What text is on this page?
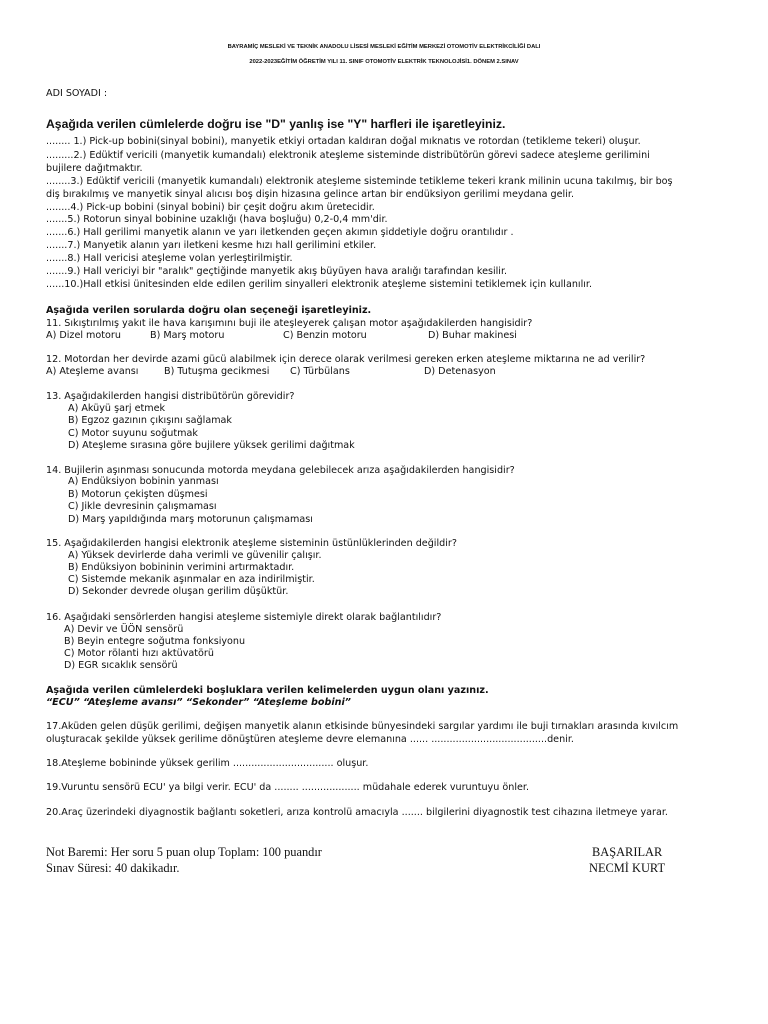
BAYRAMİÇ MESLEKİ VE TEKNİK ANADOLU LİSESİ MESLEKİ EĞİTİM MERKEZİ OTOMOTİV ELEKTRİKCİLİĞİ DALI
2022-2023EĞİTİM ÖĞRETİM YILI 11. SINIF OTOMOTİV ELEKTRİK TEKNOLOJİSİ1. DÖNEM 2.SINAV
ADI SOYADI :
Aşağıda verilen cümlelerde doğru ise "D" yanlış ise "Y" harfleri ile işaretleyiniz.
........ 1.) Pick-up bobini(sinyal bobini), manyetik etkiyi ortadan kaldıran doğal mıknatıs ve rotordan (tetikleme tekeri) oluşur.
.........2.) Edüktif vericili (manyetik kumandalı) elektronik ateşleme sisteminde distribütörün görevi sadece ateşleme gerilimini
bujilere dağıtmaktır.
........3.) Edüktif vericili (manyetik kumandalı) elektronik ateşleme sisteminde tetikleme tekeri krank milinin ucuna takılmış, bir boş
diş bırakılmış ve manyetik sinyal alıcısı boş dişin hizasına gelince artan bir endüksiyon gerilimi meydana gelir.
........4.) Pick-up bobini (sinyal bobini) bir çeşit doğru akım üretecidir.
.......5.) Rotorun sinyal bobinine uzaklığı (hava boşluğu) 0,2-0,4 mm'dir.
.......6.) Hall gerilimi manyetik alanın ve yarı iletkenden geçen akımın şiddetiyle doğru orantılıdır .
.......7.) Manyetik alanın yarı iletkeni kesme hızı hall gerilimini etkiler.
.......8.) Hall vericisi ateşleme volan yerleştirilmiştir.
.......9.) Hall vericiyi bir "aralık" geçtiğinde manyetik akış büyüyen hava aralığı tarafından kesilir.
......10.)Hall etkisi ünitesinden elde edilen gerilim sinyalleri elektronik ateşleme sistemini tetiklemek için kullanılır.
Aşağıda verilen sorularda doğru olan seçeneği işaretleyiniz.
11. Sıkıştırılmış yakıt ile hava karışımını buji ile ateşleyerek çalışan motor aşağıdakilerden hangisidir?
A) Dizel motoru	B) Marş motoru	C) Benzin motoru	D) Buhar makinesi
12. Motordan her devirde azami gücü alabilmek için derece olarak verilmesi gereken erken ateşleme miktarına ne ad verilir?
A) Ateşleme avansı	B) Tutuşma gecikmesi C) Türbülans	D) Detenasyon
13. Aşağıdakilerden hangisi distribütörün görevidir?
A) Aküyü şarj etmek
B) Egzoz gazının çıkışını sağlamak
C) Motor suyunu soğutmak
D) Ateşleme sırasına göre bujilere yüksek gerilimi dağıtmak
14. Bujilerin aşınması sonucunda motorda meydana gelebilecek arıza aşağıdakilerden hangisidir?
A) Endüksiyon bobinin yanması
B) Motorun çekişten düşmesi
C) Jikle devresinin çalışmaması
D) Marş yapıldığında marş motorunun çalışmaması
15. Aşağıdakilerden hangisi elektronik ateşleme sisteminin üstünlüklerinden değildir?
A) Yüksek devirlerde daha verimli ve güvenilir çalışır.
B) Endüksiyon bobininin verimini artırmaktadır.
C) Sistemde mekanik aşınmalar en aza indirilmiştir.
D) Sekonder devrede oluşan gerilim düşüktür.
16. Aşağıdaki sensörlerden hangisi ateşleme sistemiyle direkt olarak bağlantılıdır?
A) Devir ve ÜÖN sensörü
B) Beyin entegre soğutma fonksiyonu
C) Motor rölanti hızı aktüvatörü
D) EGR sıcaklık sensörü
Aşağıda verilen cümlelerdeki boşluklara verilen kelimelerden uygun olanı yazınız.
“ECU” “Ateşleme avansı” “Sekonder” “Ateşleme bobini”
17.Aküden gelen düşük gerilimi, değişen manyetik alanın etkisinde bünyesindeki sargılar yardımı ile buji tırnakları arasında kıvılcım
oluşturacak şekilde yüksek gerilime dönüştüren ateşleme devre elemanına ...... ......................................denir.
18.Ateşleme bobininde yüksek gerilim ................................. oluşur.
19.Vuruntu sensörü ECU' ya bilgi verir. ECU' da ........ ................... müdahale ederek vuruntuyu önler.
20.Araç üzerindeki diyagnostik bağlantı soketleri, arıza kontrolü amacıyla ....... bilgilerini diyagnostik test cihazına iletmeye yarar.
Not Baremi: Her soru 5 puan olup Toplam: 100 puandır
Sınav Süresi: 40 dakikadır.
BAŞARILAR
NECMİ KURT
